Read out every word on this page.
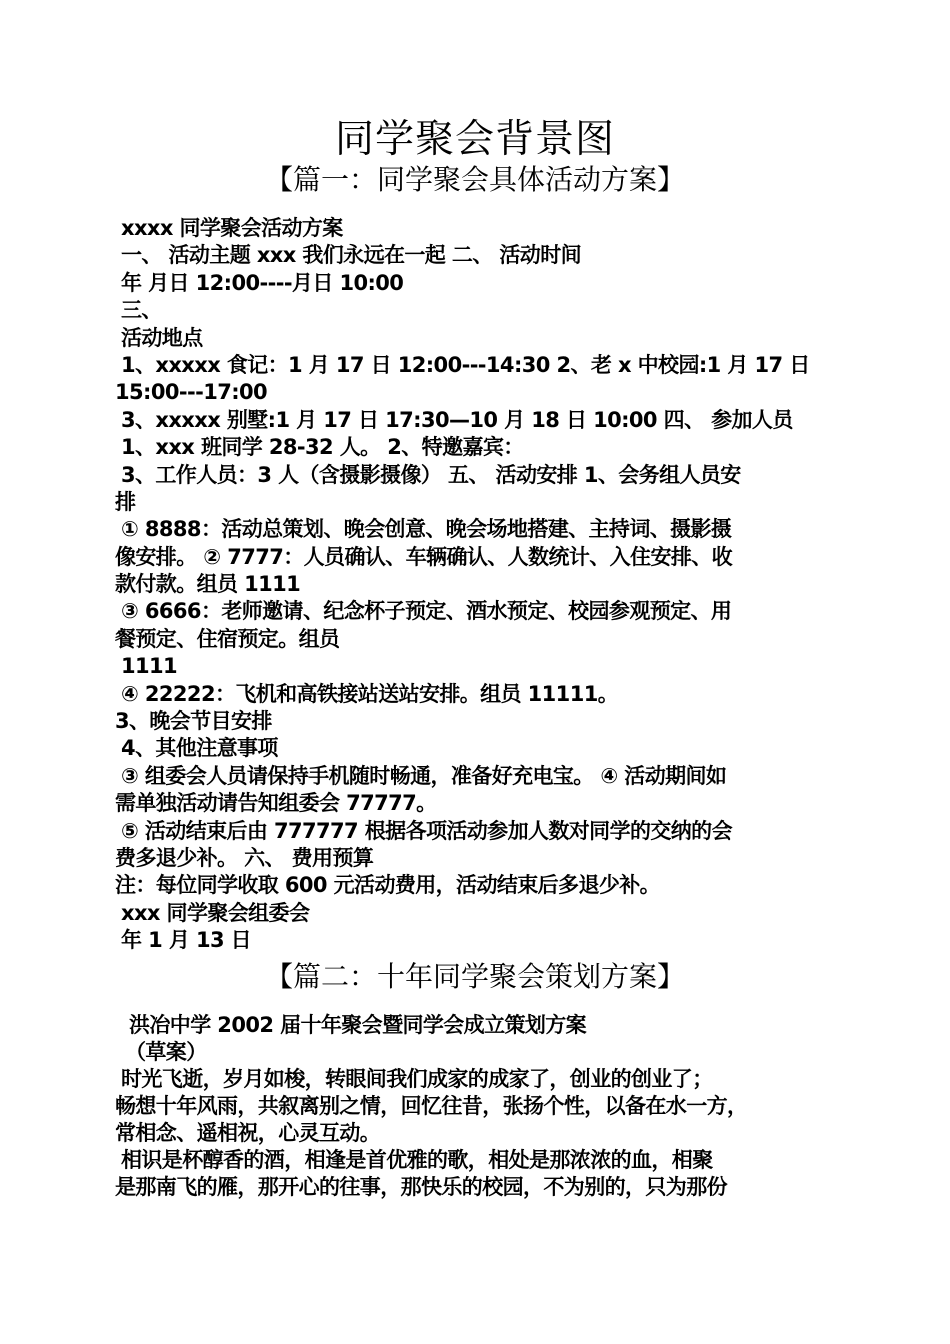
同学聚会背景图
【篇一：同学聚会具体活动方案】
xxxx 同学聚会活动方案
一、 活动主题 xxx 我们永远在一起 二、 活动时间
年 月日 12:00----月日 10:00
三、
活动地点
1、xxxxx 食记：1 月 17 日 12:00---14:30 2、老 x 中校园:1 月 17 日
15:00---17:00
3、xxxxx 别墅:1 月 17 日 17:30—10 月 18 日 10:00 四、 参加人员
1、xxx 班同学 28-32 人。 2、特邀嘉宾：
3、工作人员：3 人（含摄影摄像） 五、 活动安排 1、会务组人员安
排
① 8888：活动总策划、晚会创意、晚会场地搭建、主持词、摄影摄
像安排。 ② 7777：人员确认、车辆确认、人数统计、入住安排、收
款付款。组员 1111
③ 6666：老师邀请、纪念杯子预定、酒水预定、校园参观预定、用
餐预定、住宿预定。组员
1111
④ 22222：飞机和高铁接站送站安排。组员 11111。
3、晚会节目安排
4、其他注意事项
③ 组委会人员请保持手机随时畅通，准备好充电宝。 ④ 活动期间如
需单独活动请告知组委会 77777。
⑤ 活动结束后由 777777 根据各项活动参加人数对同学的交纳的会
费多退少补。 六、 费用预算
注：每位同学收取 600 元活动费用，活动结束后多退少补。
xxx 同学聚会组委会
年 1 月 13 日
【篇二：十年同学聚会策划方案】
洪冶中学 2002 届十年聚会暨同学会成立策划方案
（草案）
时光飞逝，岁月如梭，转眼间我们成家的成家了，创业的创业了；
畅想十年风雨，共叙离别之情，回忆往昔，张扬个性，以备在水一方，
常相念、遥相祝，心灵互动。
相识是杯醇香的酒，相逢是首优雅的歌，相处是那浓浓的血，相聚
是那南飞的雁，那开心的往事，那快乐的校园，不为别的，只为那份
